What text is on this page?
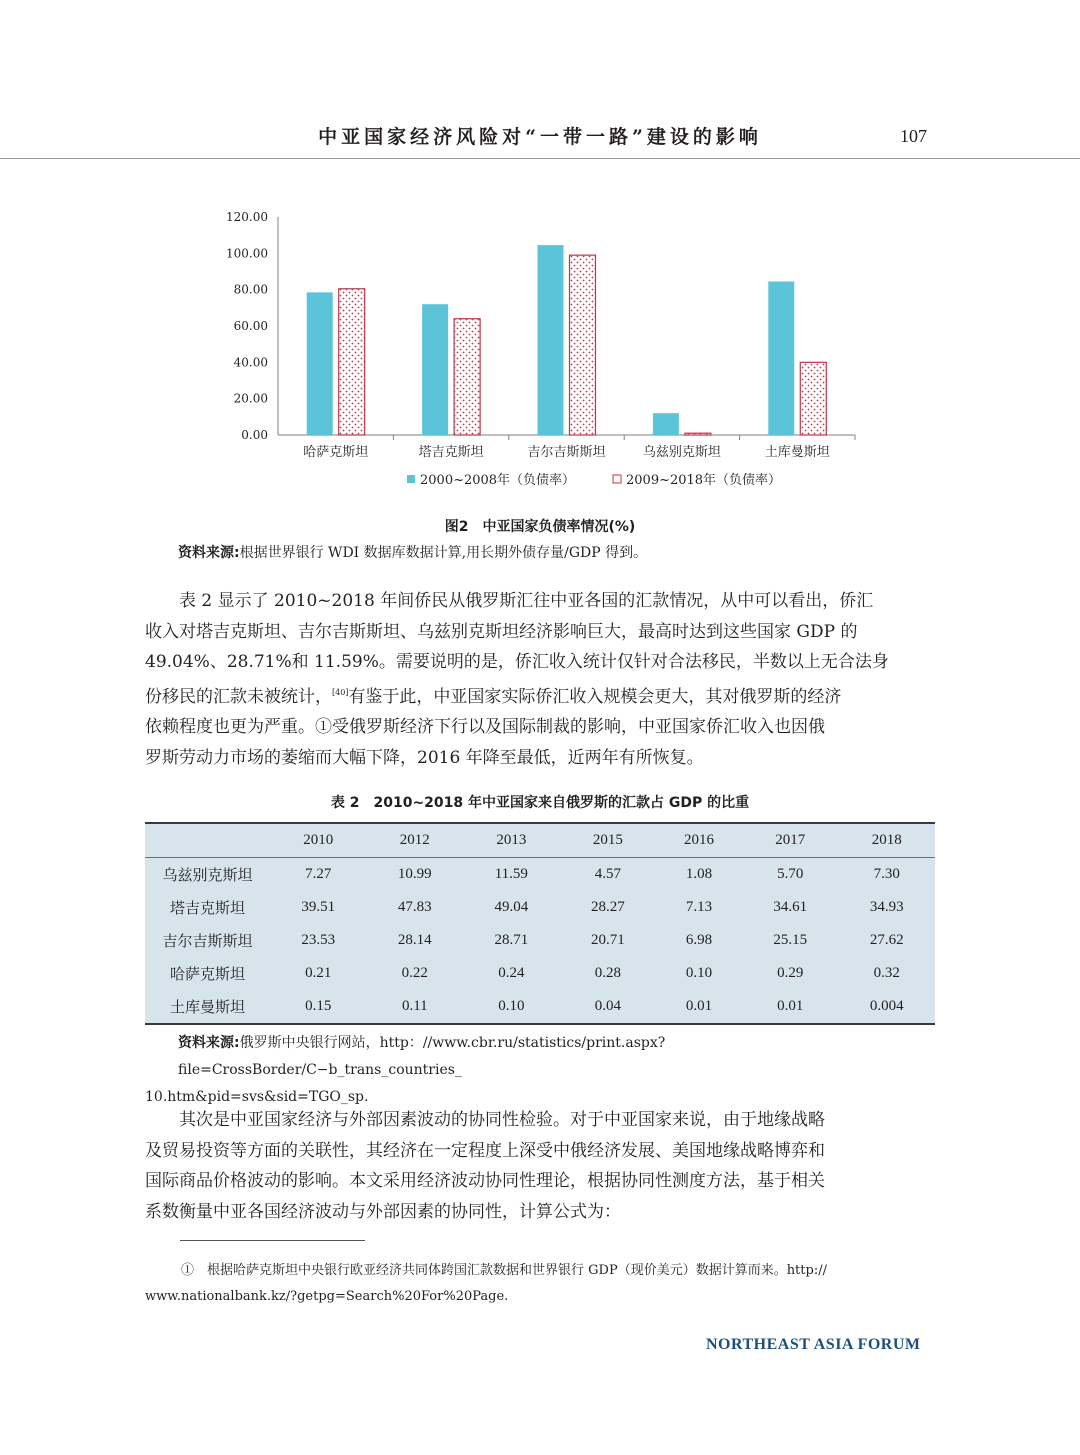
中亚国家经济风险对“一带一路”建设的影响	107
0.00
20.00
40.00
60.00
80.00
100.00
120.00
哈萨克斯坦	塔吉克斯坦	吉尔吉斯斯坦	乌兹别克斯坦	土库曼斯坦
2000~2008年（负债率）	2009~2018年（负债率）
图2　中亚国家负债率情况(%)
资料来源:根据世界银行 WDI 数据库数据计算,用长期外债存量/GDP 得到。
表 2 显示了 2010~2018 年间侨民从俄罗斯汇往中亚各国的汇款情况，从中可以看出，侨汇
收入对塔吉克斯坦、吉尔吉斯斯坦、乌兹别克斯坦经济影响巨大，最高时达到这些国家 GDP 的
49.04%、28.71%和 11.59%。需要说明的是，侨汇收入统计仅针对合法移民，半数以上无合法身
份移民的汇款未被统计，[40]有鉴于此，中亚国家实际侨汇收入规模会更大，其对俄罗斯的经济
依赖程度也更为严重。①受俄罗斯经济下行以及国际制裁的影响，中亚国家侨汇收入也因俄
罗斯劳动力市场的萎缩而大幅下降，2016 年降至最低，近两年有所恢复。
表 2　2010~2018 年中亚国家来自俄罗斯的汇款占 GDP 的比重
	2010	2012	2013	2015	2016	2017	2018
乌兹别克斯坦	7.27	10.99	11.59	4.57	1.08	5.70	7.30
塔吉克斯坦	39.51	47.83	49.04	28.27	7.13	34.61	34.93
吉尔吉斯斯坦	23.53	28.14	28.71	20.71	6.98	25.15	27.62
哈萨克斯坦	0.21	0.22	0.24	0.28	0.10	0.29	0.32
土库曼斯坦	0.15	0.11	0.10	0.04	0.01	0.01	0.004
资料来源:俄罗斯中央银行网站，http：//www.cbr.ru/statistics/print.aspx?file=CrossBorder/C−b_trans_countries_
10.htm&pid=svs&sid=TGO_sp.
其次是中亚国家经济与外部因素波动的协同性检验。对于中亚国家来说，由于地缘战略
及贸易投资等方面的关联性，其经济在一定程度上深受中俄经济发展、美国地缘战略博弈和
国际商品价格波动的影响。本文采用经济波动协同性理论，根据协同性测度方法，基于相关
系数衡量中亚各国经济波动与外部因素的协同性，计算公式为：
①　根据哈萨克斯坦中央银行欧亚经济共同体跨国汇款数据和世界银行 GDP（现价美元）数据计算而来。http://
www.nationalbank.kz/?getpg=Search%20For%20Page.
NORTHEAST ASIA FORUM
